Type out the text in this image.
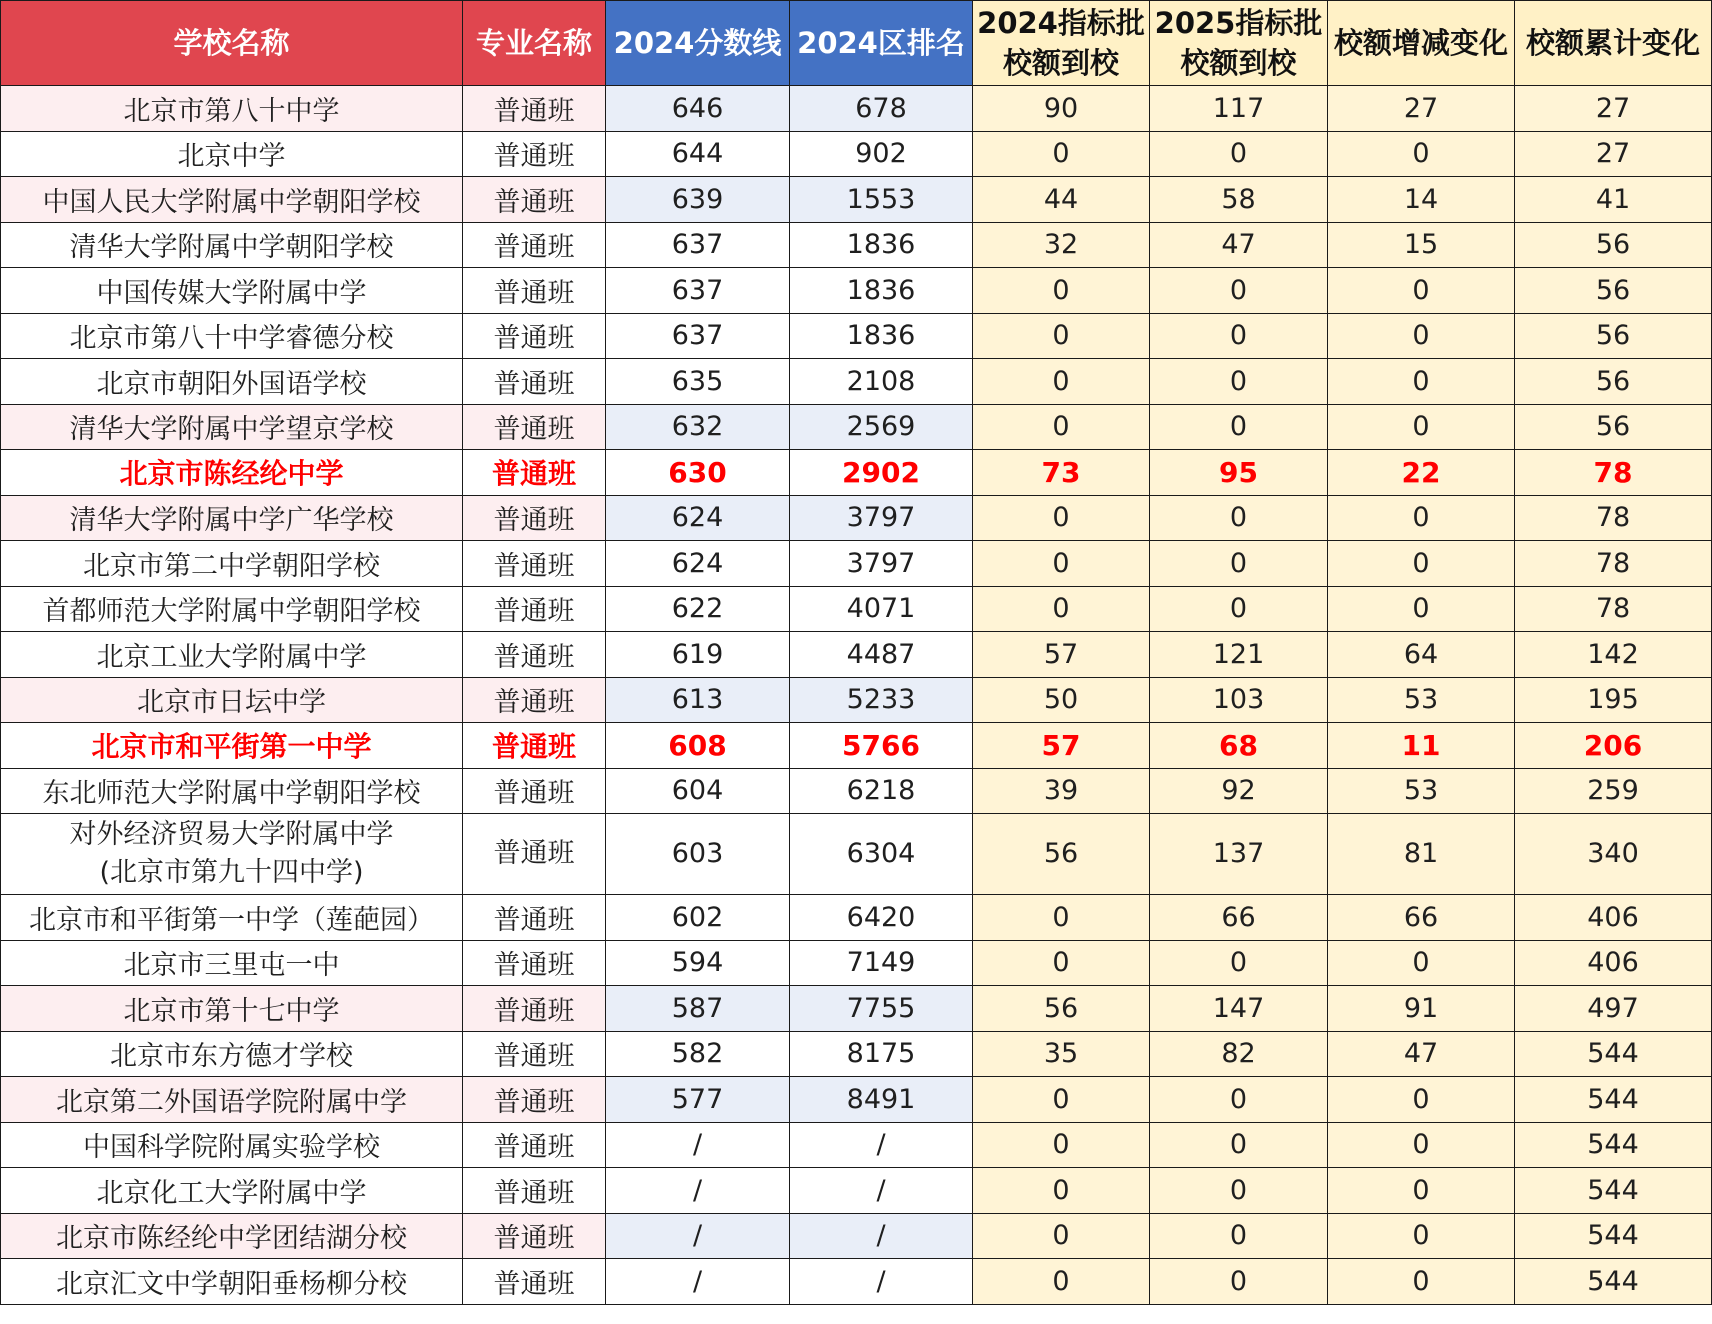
学校名称	专业名称	2024分数线	2024区排名	2024指标批校额到校	2025指标批校额到校	校额增减变化	校额累计变化
北京市第八十中学	普通班	646	678	90	117	27	27
北京中学	普通班	644	902	0	0	0	27
中国人民大学附属中学朝阳学校	普通班	639	1553	44	58	14	41
清华大学附属中学朝阳学校	普通班	637	1836	32	47	15	56
中国传媒大学附属中学	普通班	637	1836	0	0	0	56
北京市第八十中学睿德分校	普通班	637	1836	0	0	0	56
北京市朝阳外国语学校	普通班	635	2108	0	0	0	56
清华大学附属中学望京学校	普通班	632	2569	0	0	0	56
北京市陈经纶中学	普通班	630	2902	73	95	22	78
清华大学附属中学广华学校	普通班	624	3797	0	0	0	78
北京市第二中学朝阳学校	普通班	624	3797	0	0	0	78
首都师范大学附属中学朝阳学校	普通班	622	4071	0	0	0	78
北京工业大学附属中学	普通班	619	4487	57	121	64	142
北京市日坛中学	普通班	613	5233	50	103	53	195
北京市和平街第一中学	普通班	608	5766	57	68	11	206
东北师范大学附属中学朝阳学校	普通班	604	6218	39	92	53	259
对外经济贸易大学附属中学
(北京市第九十四中学)	普通班	603	6304	56	137	81	340
北京市和平街第一中学（莲葩园）	普通班	602	6420	0	66	66	406
北京市三里屯一中	普通班	594	7149	0	0	0	406
北京市第十七中学	普通班	587	7755	56	147	91	497
北京市东方德才学校	普通班	582	8175	35	82	47	544
北京第二外国语学院附属中学	普通班	577	8491	0	0	0	544
中国科学院附属实验学校	普通班	/	/	0	0	0	544
北京化工大学附属中学	普通班	/	/	0	0	0	544
北京市陈经纶中学团结湖分校	普通班	/	/	0	0	0	544
北京汇文中学朝阳垂杨柳分校	普通班	/	/	0	0	0	544
